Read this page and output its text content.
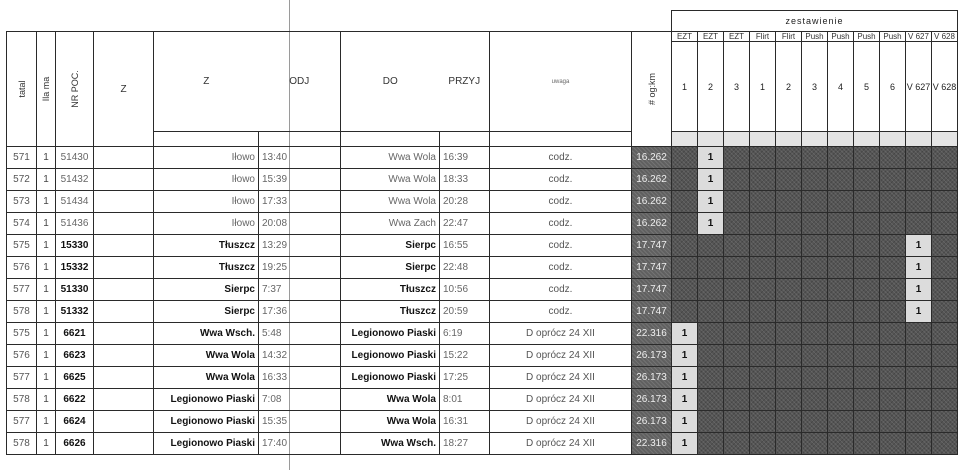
										zestawienie										

tatal	Ila ma	NR POC.	Z	Z	ODJ	DO	PRZYJ	uwaga	# og:km	EZT	EZT	EZT	Flirt	Flirt	Push	Push	Push	Push	V 627	V 628
										1	2	3	1	2	3	4	5	6	V 627	V 628

571	1	51430		Iłowo	13:40	Wwa Wola	16:39	codz.	16.262		1									
572	1	51432		Iłowo	15:39	Wwa Wola	18:33	codz.	16.262		1									
573	1	51434		Iłowo	17:33	Wwa Wola	20:28	codz.	16.262		1									
574	1	51436		Iłowo	20:08	Wwa Zach	22:47	codz.	16.262		1									
575	1	15330		Tłuszcz	13:29	Sierpc	16:55	codz.	17.747										1	
576	1	15332		Tłuszcz	19:25	Sierpc	22:48	codz.	17.747										1	
577	1	51330		Sierpc	7:37	Tłuszcz	10:56	codz.	17.747										1	
578	1	51332		Sierpc	17:36	Tłuszcz	20:59	codz.	17.747										1	
575	1	6621		Wwa Wsch.	5:48	Legionowo Piaski	6:19	D oprócz 24 XII	22.316	1										
576	1	6623		Wwa Wola	14:32	Legionowo Piaski	15:22	D oprócz 24 XII	26.173	1										
577	1	6625		Wwa Wola	16:33	Legionowo Piaski	17:25	D oprócz 24 XII	26.173	1										
578	1	6622		Legionowo Piaski	7:08	Wwa Wola	8:01	D oprócz 24 XII	26.173	1										
577	1	6624		Legionowo Piaski	15:35	Wwa Wola	16:31	D oprócz 24 XII	26.173	1										
578	1	6626		Legionowo Piaski	17:40	Wwa Wsch.	18:27	D oprócz 24 XII	22.316	1										
